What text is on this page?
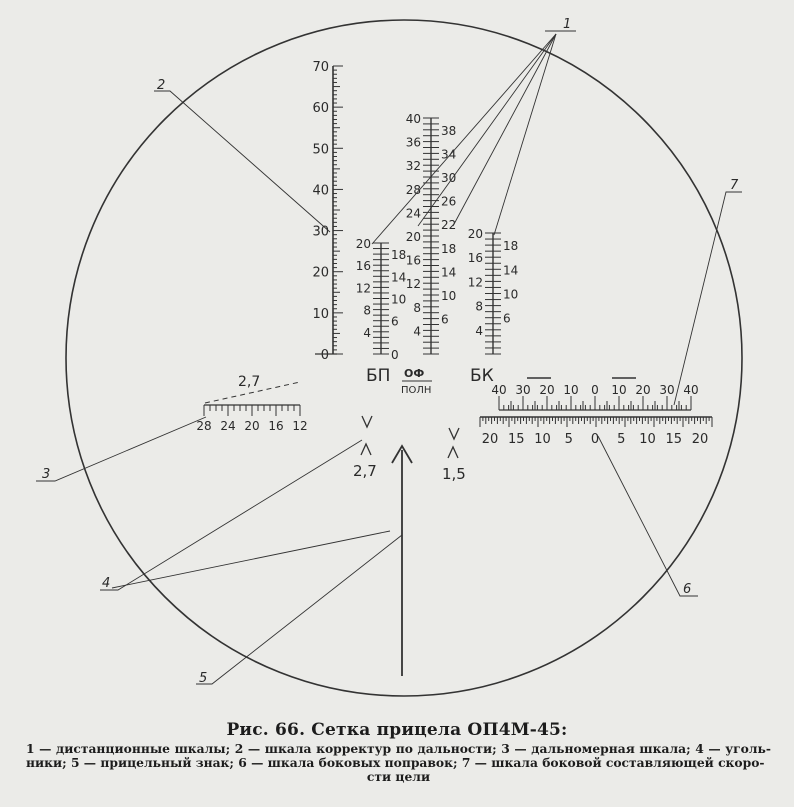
70
60
50
40
30
20
10
0
20
16
12
8
4
18
14
10
6
0
40
36
32
28
24
20
16
12
8
4
38
34
30
26
22
18
14
10
6
20
16
12
8
4
18
14
10
6
БП ОФ
ПОЛН
БК
28 24 20 16 12
2,7	40 30 20 10 0 10 20 30 40
20 15 10 5 0 5 10 15 20
2,7	1,5
1
2
3
4
5
6
7
Рис. 66. Сетка прицела ОП4М-45:
1 — дистанционные шкалы; 2 — шкала корректур по дальности; 3 — дальномерная шкала; 4 — уголь- ники; 5 — прицельный знак; 6 — шкала боковых поправок; 7 — шкала боковой составляющей скоро-
сти цели
